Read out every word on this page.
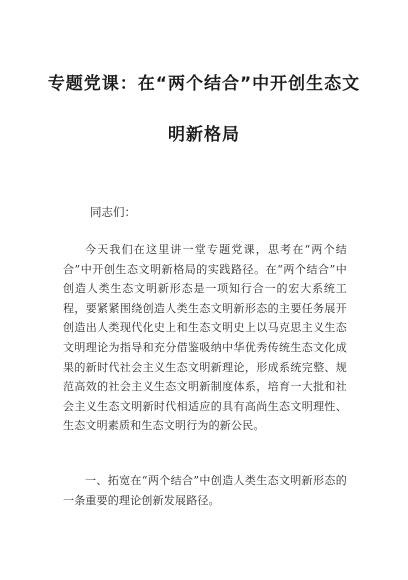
专题党课：在“两个结合”中开创生态文
明新格局

同志们：

今天我们在这里讲一堂专题党课，思考在“两个结合”中开创生态文明新格局的实践路径。在“两个结合”中创造人类生态文明新形态是一项知行合一的宏大系统工程，要紧紧围绕创造人类生态文明新形态的主要任务展开创造出人类现代化史上和生态文明史上以马克思主义生态文明理论为指导和充分借鉴吸纳中华优秀传统生态文化成果的新时代社会主义生态文明新理论，形成系统完整、规范高效的社会主义生态文明新制度体系，培育一大批和社会主义生态文明新时代相适应的具有高尚生态文明理性、生态文明素质和生态文明行为的新公民。

一、拓宽在“两个结合”中创造人类生态文明新形态的一条重要的理论创新发展路径。
